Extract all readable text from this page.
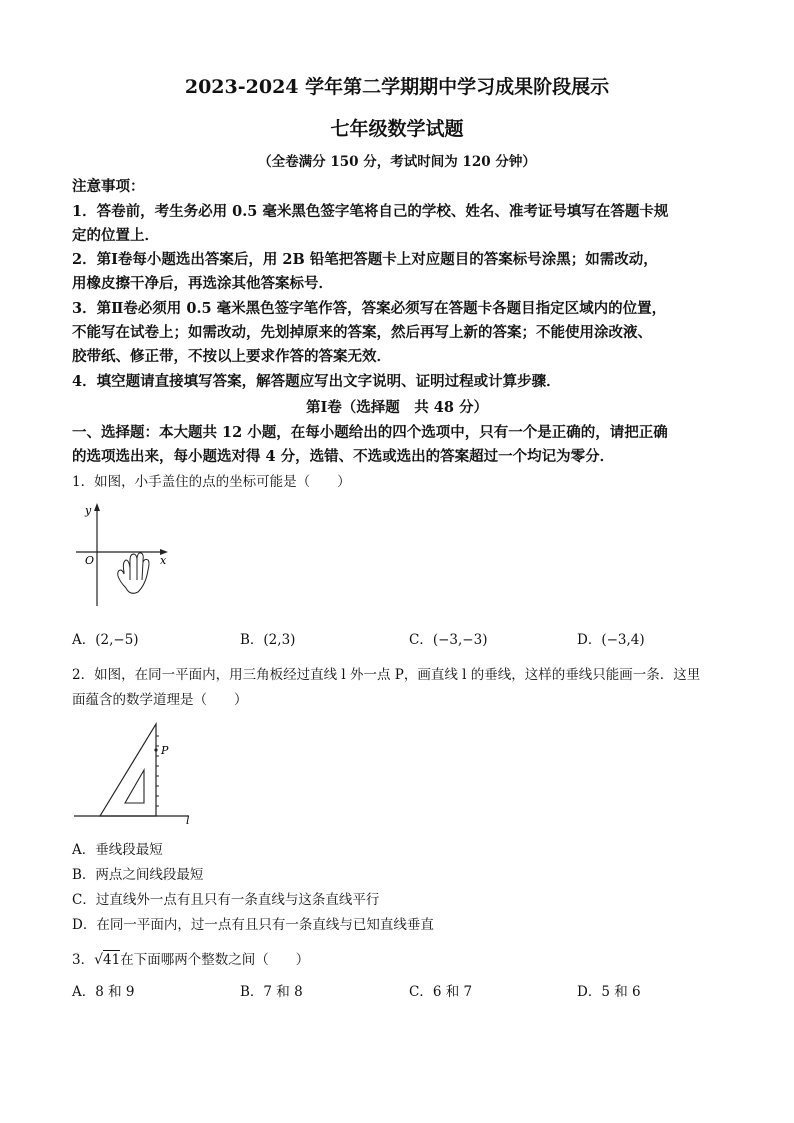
2023-2024 学年第二学期期中学习成果阶段展示
七年级数学试题
（全卷满分 150 分，考试时间为 120 分钟）
注意事项：
1．答卷前，考生务必用 0.5 毫米黑色签字笔将自己的学校、姓名、准考证号填写在答题卡规
定的位置上．
2．第Ⅰ卷每小题选出答案后，用 2B 铅笔把答题卡上对应题目的答案标号涂黑；如需改动，
用橡皮擦干净后，再选涂其他答案标号．
3．第Ⅱ卷必须用 0.5 毫米黑色签字笔作答，答案必须写在答题卡各题目指定区域内的位置，
不能写在试卷上；如需改动，先划掉原来的答案，然后再写上新的答案；不能使用涂改液、
胶带纸、修正带，不按以上要求作答的答案无效．
4．填空题请直接填写答案，解答题应写出文字说明、证明过程或计算步骤．
第Ⅰ卷（选择题　共 48 分）
一、选择题：本大题共 12 小题，在每小题给出的四个选项中，只有一个是正确的，请把正确
的选项选出来，每小题选对得 4 分，选错、不选或选出的答案超过一个均记为零分．
1．如图，小手盖住的点的坐标可能是（　　）
y
x
O
A．(2,−5)	B．(2,3)	C．(−3,−3)	D．(−3,4)
2．如图，在同一平面内，用三角板经过直线 l 外一点 P，画直线 l 的垂线，这样的垂线只能画一条．这里
面蕴含的数学道理是（　　）
l
P
A．垂线段最短
B．两点之间线段最短
C．过直线外一点有且只有一条直线与这条直线平行
D．在同一平面内，过一点有且只有一条直线与已知直线垂直
3．√41在下面哪两个整数之间（　　）
A．8 和 9	B．7 和 8	C．6 和 7	D．5 和 6
